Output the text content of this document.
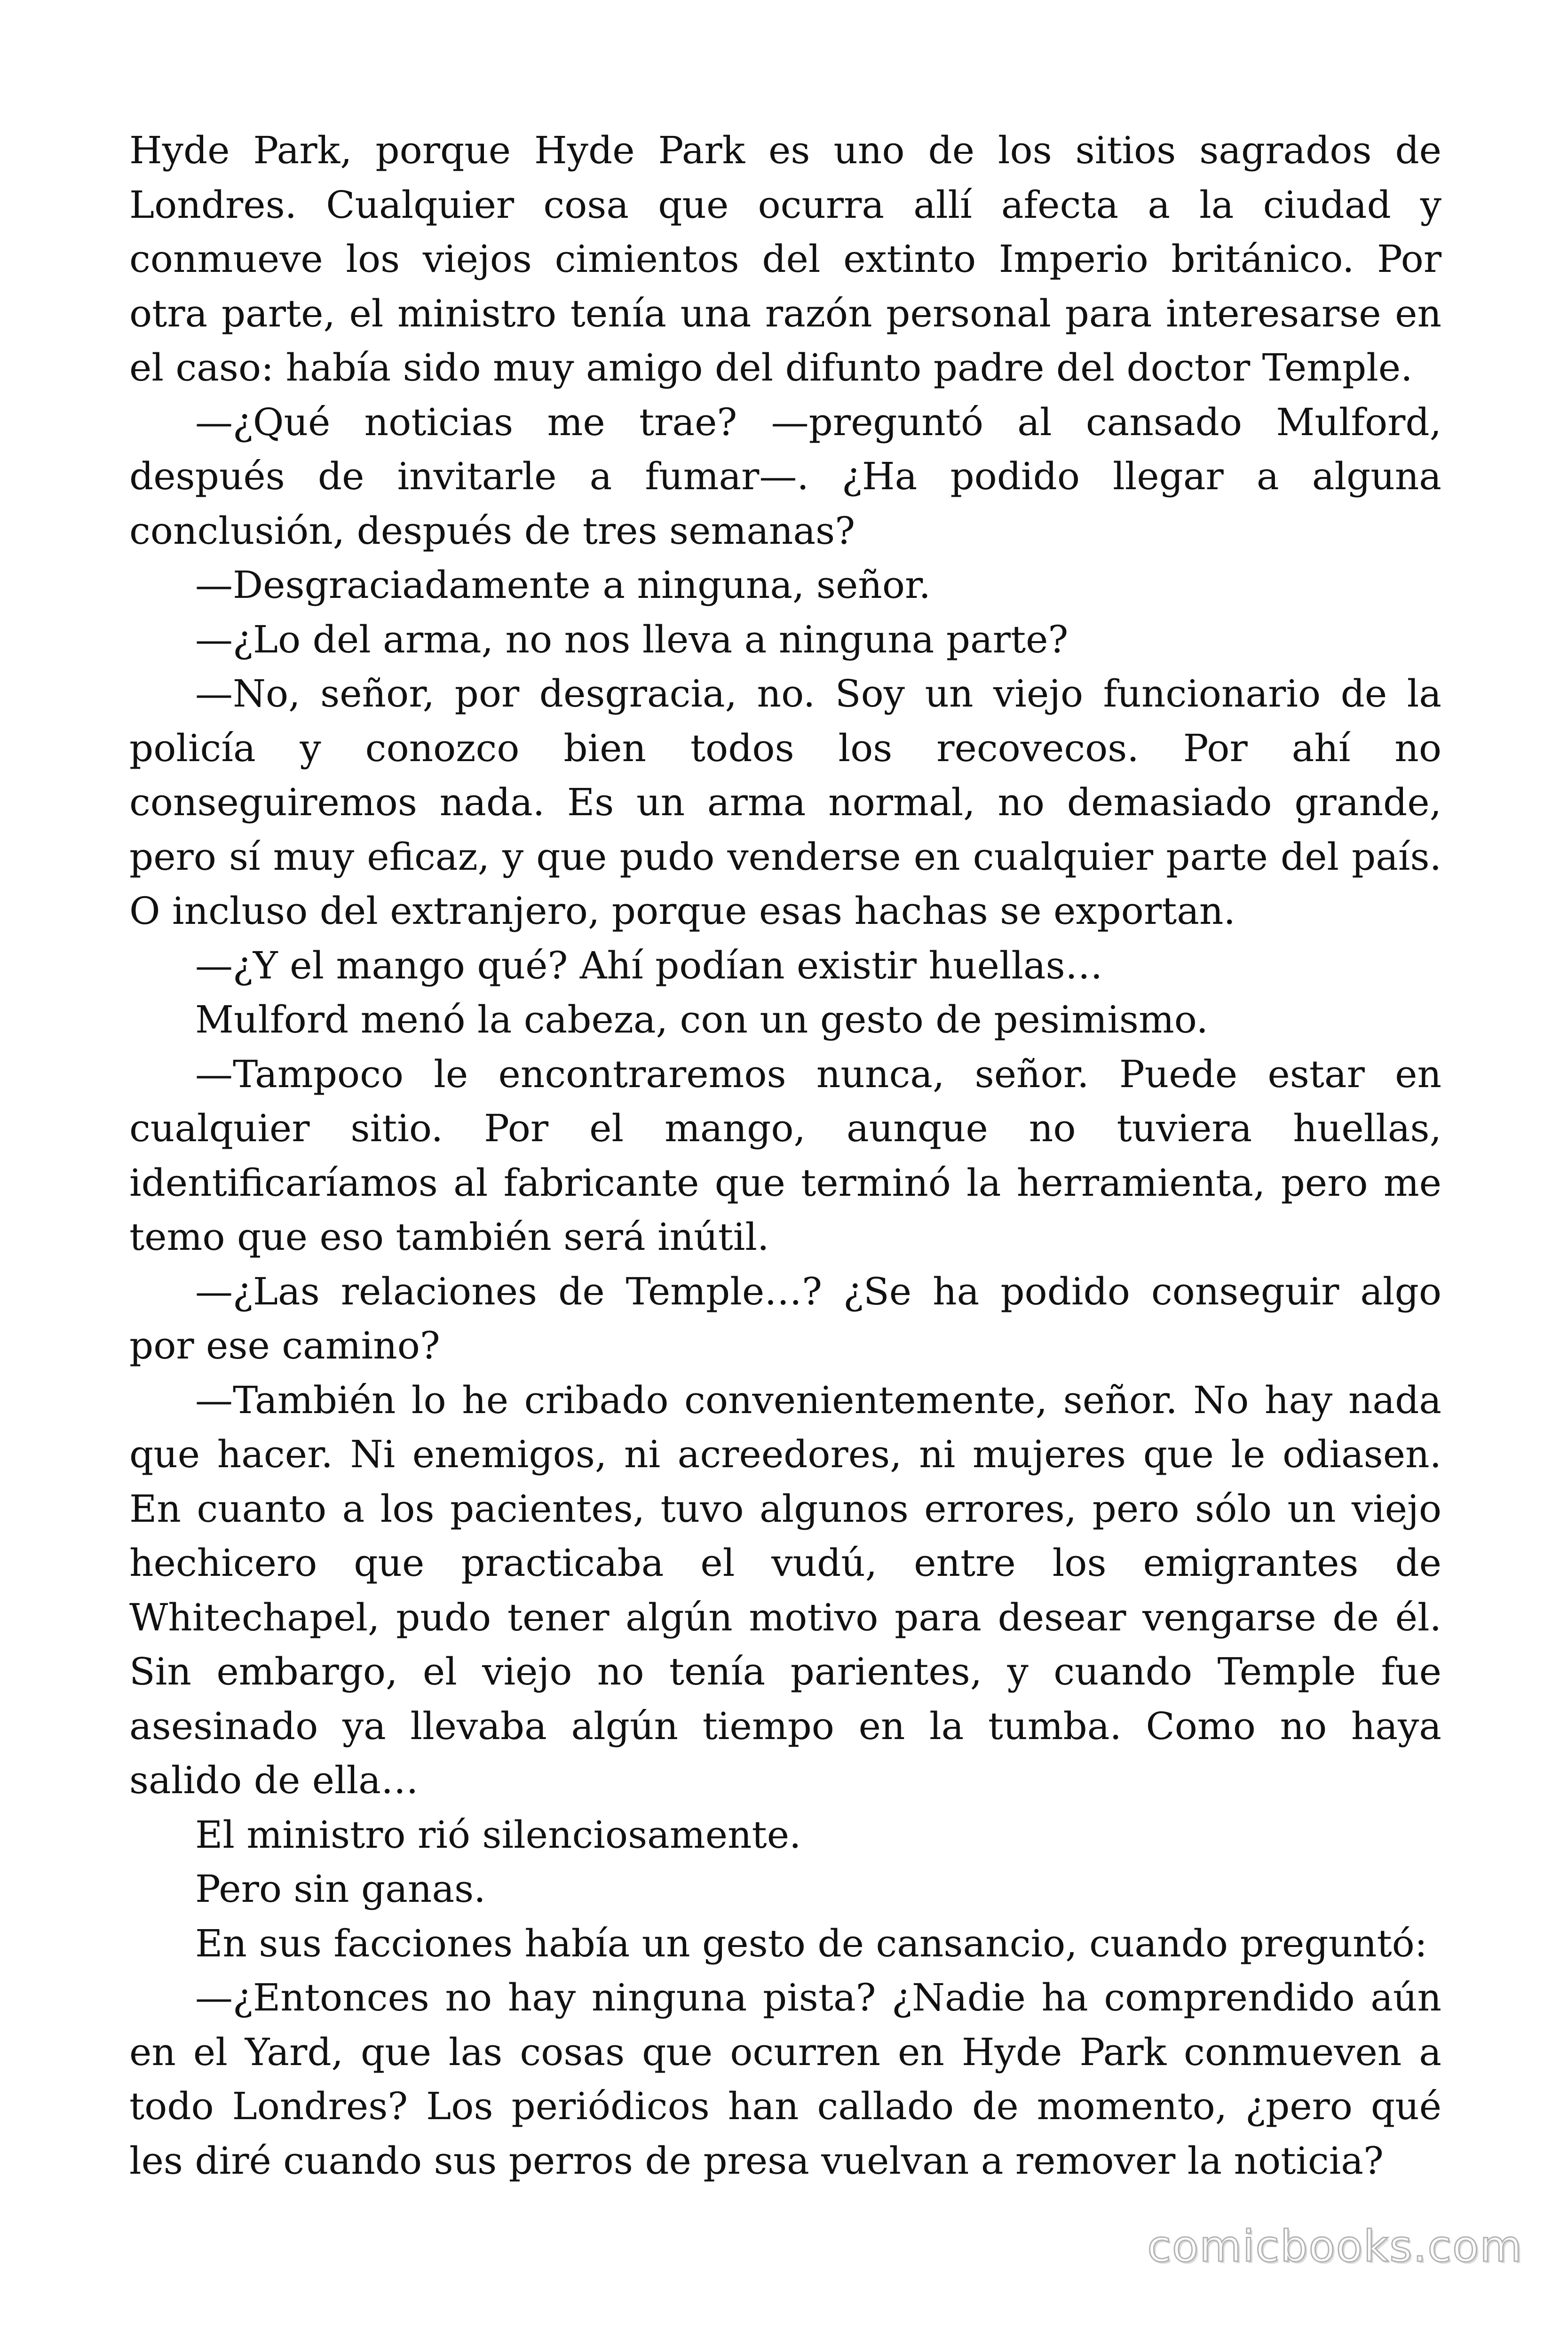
Hyde Park, porque Hyde Park es uno de los sitios sagrados de Londres. Cualquier cosa que ocurra allí afecta a la ciudad y conmueve los viejos cimientos del extinto Imperio británico. Por otra parte, el ministro tenía una razón personal para interesarse en el caso: había sido muy amigo del difunto padre del doctor Temple.

—¿Qué noticias me trae? —preguntó al cansado Mulford, después de invitarle a fumar—. ¿Ha podido llegar a alguna conclusión, después de tres semanas?

—Desgraciadamente a ninguna, señor.

—¿Lo del arma, no nos lleva a ninguna parte?

—No, señor, por desgracia, no. Soy un viejo funcionario de la policía y conozco bien todos los recovecos. Por ahí no conseguiremos nada. Es un arma normal, no demasiado grande, pero sí muy eficaz, y que pudo venderse en cualquier parte del país. O incluso del extranjero, porque esas hachas se exportan.

—¿Y el mango qué? Ahí podían existir huellas…

Mulford menó la cabeza, con un gesto de pesimismo.

—Tampoco le encontraremos nunca, señor. Puede estar en cualquier sitio. Por el mango, aunque no tuviera huellas, identificaríamos al fabricante que terminó la herramienta, pero me temo que eso también será inútil.

—¿Las relaciones de Temple…? ¿Se ha podido conseguir algo por ese camino?

—También lo he cribado convenientemente, señor. No hay nada que hacer. Ni enemigos, ni acreedores, ni mujeres que le odiasen. En cuanto a los pacientes, tuvo algunos errores, pero sólo un viejo hechicero que practicaba el vudú, entre los emigrantes de Whitechapel, pudo tener algún motivo para desear vengarse de él. Sin embargo, el viejo no tenía parientes, y cuando Temple fue asesinado ya llevaba algún tiempo en la tumba. Como no haya salido de ella…

El ministro rió silenciosamente.

Pero sin ganas.

En sus facciones había un gesto de cansancio, cuando preguntó:

—¿Entonces no hay ninguna pista? ¿Nadie ha comprendido aún en el Yard, que las cosas que ocurren en Hyde Park conmueven a todo Londres? Los periódicos han callado de momento, ¿pero qué les diré cuando sus perros de presa vuelvan a remover la noticia?

comicbooks.com
